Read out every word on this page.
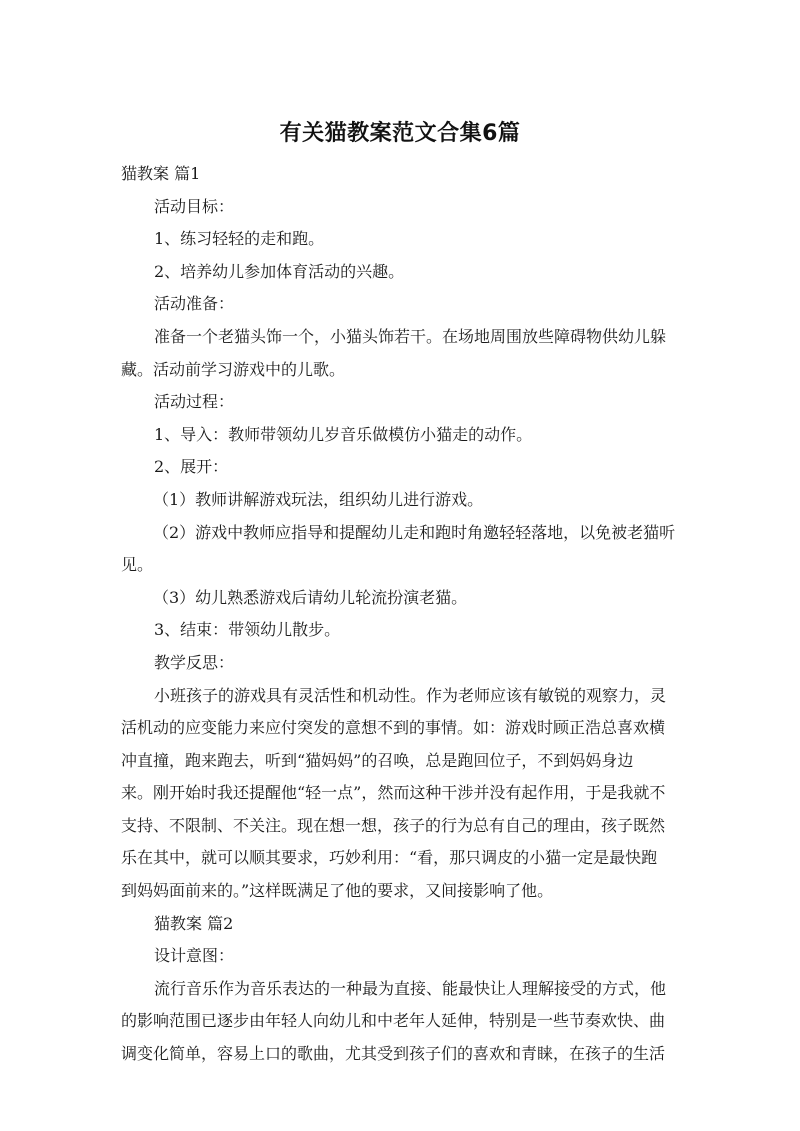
有关猫教案范文合集6篇
猫教案 篇1
活动目标：
1、练习轻轻的走和跑。
2、培养幼儿参加体育活动的兴趣。
活动准备：
准备一个老猫头饰一个，小猫头饰若干。在场地周围放些障碍物供幼儿躲
藏。活动前学习游戏中的儿歌。
活动过程：
1、导入：教师带领幼儿岁音乐做模仿小猫走的动作。
2、展开：
（1）教师讲解游戏玩法，组织幼儿进行游戏。
（2）游戏中教师应指导和提醒幼儿走和跑时角邀轻轻落地，以免被老猫听
见。
（3）幼儿熟悉游戏后请幼儿轮流扮演老猫。
3、结束：带领幼儿散步。
教学反思：
小班孩子的游戏具有灵活性和机动性。作为老师应该有敏锐的观察力，灵
活机动的应变能力来应付突发的意想不到的事情。如：游戏时顾正浩总喜欢横
冲直撞，跑来跑去，听到“猫妈妈”的召唤，总是跑回位子，不到妈妈身边
来。刚开始时我还提醒他“轻一点”，然而这种干涉并没有起作用，于是我就不
支持、不限制、不关注。现在想一想，孩子的行为总有自己的理由，孩子既然
乐在其中，就可以顺其要求，巧妙利用：“看，那只调皮的小猫一定是最快跑
到妈妈面前来的。”这样既满足了他的要求，又间接影响了他。
猫教案 篇2
设计意图：
流行音乐作为音乐表达的一种最为直接、能最快让人理解接受的方式，他
的影响范围已逐步由年轻人向幼儿和中老年人延伸，特别是一些节奏欢快、曲
调变化简单，容易上口的歌曲，尤其受到孩子们的喜欢和青睐，在孩子的生活
